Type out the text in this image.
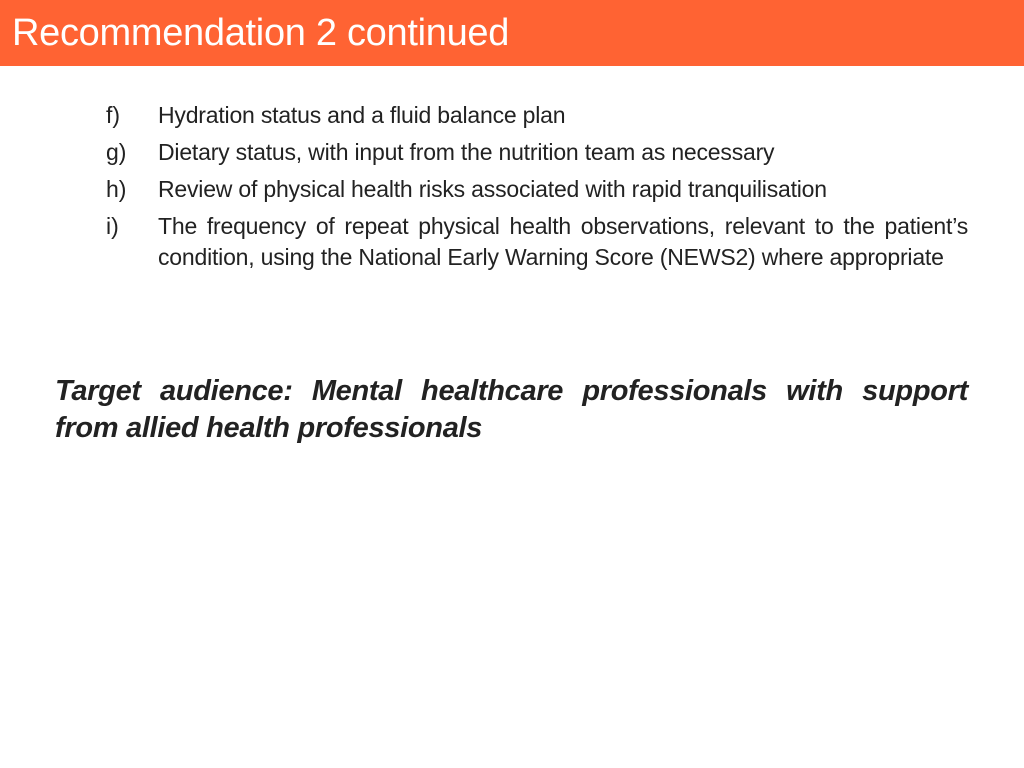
Recommendation 2 continued
f)	Hydration status and a fluid balance plan
g)	Dietary status, with input from the nutrition team as necessary
h)	Review of physical health risks associated with rapid tranquilisation
i)	The frequency of repeat physical health observations, relevant to the patient’s condition, using the National Early Warning Score (NEWS2) where appropriate

Target audience: Mental healthcare professionals with support from allied health professionals
